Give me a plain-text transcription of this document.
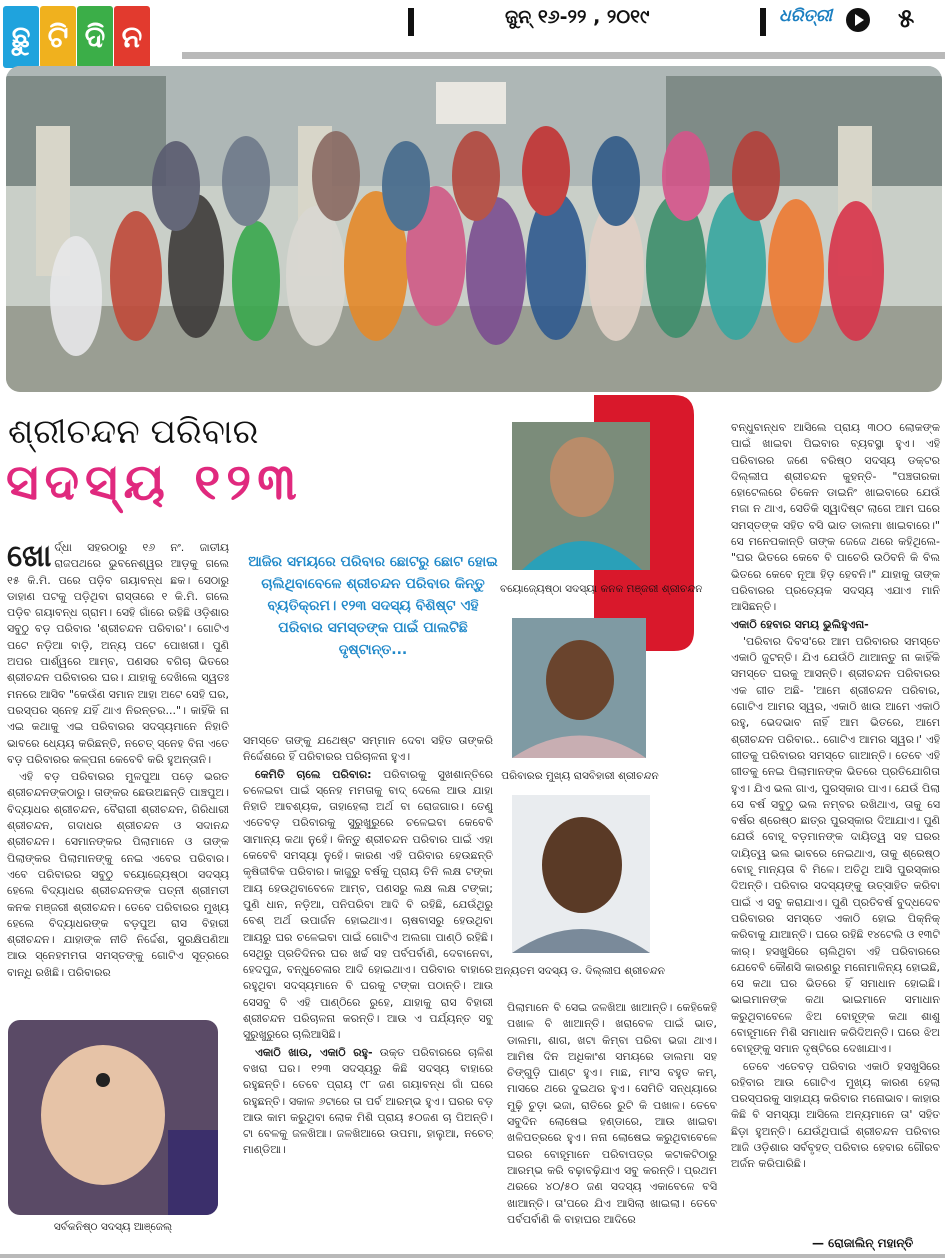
ଛୁ ଟି ଦି ନ
ଜୁନ୍ ୧୬-୨୨ , ୨୦୧୯	ଧରିତ୍ରୀ	୫
ଶ୍ରୀଚନ୍ଦନ ପରିବାର
ସଦସ୍ୟ ୧୨୩
ବୟୋଜ୍ୟେଷ୍ଠା ସଦସ୍ୟା କନକ ମଞ୍ଜରୀ ଶ୍ରୀଚନ୍ଦନ
ପରିବାରର ମୁଖ୍ୟ ରାସବିହାରୀ ଶ୍ରୀଚନ୍ଦନ
ଅନ୍ୟତମ ସଦସ୍ୟ ଡ. ଦିଲ୍ଲୀପ ଶ୍ରୀଚନ୍ଦନ
ସର୍ବକନିଷ୍ଠ ସଦସ୍ୟ ଆଞ୍ଜେଲ୍
ଆଜିର ସମୟରେ ପରିବାର ଛୋଟରୁ ଛୋଟ ହୋଇ ଚାଲିଥିବାବେଳେ ଶ୍ରୀଚନ୍ଦନ ପରିବାର କିନ୍ତୁ ବ୍ୟତିକ୍ରମ। ୧୨୩ ସଦସ୍ୟ ବିଶିଷ୍ଟ ଏହି ପରିବାର ସମସ୍ତଙ୍କ ପାଇଁ ପାଲଟିଛି ଦୃଷ୍ଟାନ୍ତ...

ଖୋର୍ଦ୍ଧା ସହରଠାରୁ ୧୬ ନଂ. ଜାତୀୟ ରାଜପଥରେ ଭୁବନେଶ୍ୱର ଆଡ଼କୁ ଗଲେ ୧୫ କି.ମି. ପରେ ପଡ଼ିବ ଗୟାବନ୍ଧ ଛକ। ସେଠାରୁ ଡାହାଣ ପଟକୁ ପଡ଼ିଥିବା ରାସ୍ତାରେ ୧ କି.ମି. ଗଲେ ପଡ଼ିବ ଗୟାବନ୍ଧ ଗ୍ରାମ। ସେହି ଗାଁରେ ରହିଛି ଓଡ଼ିଶାର ସବୁଠୁ ବଡ଼ ପରିବାର 'ଶ୍ରୀଚନ୍ଦନ ପରିବାର'। ଗୋଟିଏ ପଟେ ନଡ଼ିଆ ବାଡ଼ି, ଅନ୍ୟ ପଟେ ପୋଖରୀ। ପୁଣି ଅପର ପାର୍ଶ୍ୱରେ ଆମ୍ବ, ପଣସର ବଗିଚା ଭିତରେ ଶ୍ରୀଚନ୍ଦନ ପରିବାରର ଘର। ଯାହାକୁ ଦେଖିଲେ ସ୍ୱତଃ ମନରେ ଆସିବ "କେଉଁଣ ସମାନ ଆହା ଅଟେ ସେହି ଘର, ପରସ୍ପର ସ୍ନେହ ଯହିଁ ଥାଏ ନିରନ୍ତର..."। କାହିଁକି ନା ଏଇ କଥାକୁ ଏଇ ପରିବାରର ସଦସ୍ୟମାନେ ନିହାତି ଭାବରେ ଧ୍ୟେୟ କରିଛନ୍ତି, ନଚେତ୍ ସ୍ନେହ ବିନା ଏତେ ବଡ଼ ପରିବାରର କଳ୍ପନା କେବେବି କରି ହୁଅନ୍ତାନି।

ଏହି ବଡ଼ ପରିବାରର ମୁଳପୁଆ ପଡ଼େ ଭରତ ଶ୍ରୀଚନ୍ଦନଙ୍କଠାରୁ। ତାଙ୍କର ଛେଉଅଛନ୍ତି ପାଞ୍ଚପୁଅ। ବିଦ୍ୟାଧର ଶ୍ରୀଚନ୍ଦନ, ବୈରାଗୀ ଶ୍ରୀଚନ୍ଦନ, ଗିରିଧାରୀ ଶ୍ରୀଚନ୍ଦନ, ଗଦାଧର ଶ୍ରୀଚନ୍ଦନ ଓ ସଦାନନ୍ଦ ଶ୍ରୀଚନ୍ଦନ। ସେମାନଙ୍କର ପିଲାମାନେ ଓ ତାଙ୍କ ପିଲାଙ୍କର ପିଲାମାନଙ୍କୁ ନେଇ ଏବେର ପରିବାର। ଏବେ ପରିବାରର ସବୁଠୁ ବୟୋଜ୍ୟେଷ୍ଠା ସଦସ୍ୟ ହେଲେ ବିଦ୍ୟାଧର ଶ୍ରୀଚନ୍ଦନଙ୍କ ପତ୍ନୀ ଶ୍ରୀମତୀ କନକ ମଞ୍ଜରୀ ଶ୍ରୀଚନ୍ଦନ। ତେବେ ପରିବାରର ମୁଖ୍ୟ ହେଲେ ବିଦ୍ୟାଧରଙ୍କ ବଡ଼ପୁଅ ରାସ ବିହାରୀ ଶ୍ରୀଚନ୍ଦନ। ଯାହାଙ୍କ ନୀତି ନିର୍ଦ୍ଦେଶ, ସୁରକ୍ଷିପଣିଆ ଆଉ ସ୍ନେହମମତା ସମସ୍ତଙ୍କୁ ଗୋଟିଏ ସୂତ୍ରରେ ବାନ୍ଧି ରଖିଛି। ପରିବାରର

ସମସ୍ତେ ତାଙ୍କୁ ଯଥେଷ୍ଟ ସମ୍ମାନ ଦେବା ସହିତ ତାଙ୍କରି ନିର୍ଦ୍ଦେଶରେ ହିଁ ପରିବାରର ପରିଚାଳନା ହୁଏ।

କେମିତି ଚାଲେ ପରିବାର: ପରିବାରକୁ ସୁଖଶାନ୍ତିରେ ଚଳେଇବା ପାଇଁ ସ୍ନେହ ମମତାକୁ ବାଦ୍ ଦେଲେ ଆଉ ଯାହା ନିହାତି ଆବଶ୍ୟକ, ତାହାହେଲା ଅର୍ଥ ବା ରୋଜଗାର। ତେଣୁ ଏତେବଡ଼ ପରିବାରକୁ ସୁରୁଖୁରୁରେ ଚଳେଇବା କେବେବି ସାମାନ୍ୟ କଥା ନୁହେଁ। କିନ୍ତୁ ଶ୍ରୀଚନ୍ଦନ ପରିବାର ପାଇଁ ଏହା କେବେବି ସମସ୍ୟା ନୁହେଁ। କାରଣ ଏହି ପରିବାର ହେଉଛନ୍ତି କୃଷିଜୀବିକ ପରିବାର। କାଜୁରୁ ବର୍ଷକୁ ପ୍ରାୟ ତିନି ଲକ୍ଷ ଟଙ୍କା ଆୟ ହେଉଥିବାବେଳେ ଆମ୍ବ, ପଣସରୁ ଲକ୍ଷ ଲକ୍ଷ ଟଙ୍କା; ପୁଣି ଧାନ, ନଡ଼ିଆ, ପନିପରିବା ଆଦି ବି ରହିଛି, ଯେଉଁଥିରୁ ବେଶ୍ ଅର୍ଥ ଉପାର୍ଜନ ହୋଇଥାଏ। ଚାଷବାସରୁ ହେଉଥିବା ଆୟରୁ ଘର ଚଳେଇବା ପାଇଁ ଗୋଟିଏ ଅଲଗା ପାଣ୍ଠି ରହିଛି। ସେଥିରୁ ପ୍ରତିଦିନର ଘର ଖର୍ଚ୍ଚ ସହ ପର୍ବପର୍ବାଣି, ଦେବାନେବା, ହେଦପୁଜ, ବନ୍ଧୁଚେଳାର ଆଦି ହୋଇଥାଏ। ପରିବାର ବାହାରେ ରହୁଥିବା ସଦସ୍ୟମାନେ ବି ଘରକୁ ଟଙ୍କା ପଠାନ୍ତି। ଆଉ ସେସବୁ ବି ଏହି ପାଣ୍ଠିରେ ରୁହେ, ଯାହାକୁ ରାସ ବିହାରୀ ଶ୍ରୀଚନ୍ଦନ ପରିଚାଳନା କରନ୍ତି। ଆଉ ଏ ପର୍ଯ୍ୟନ୍ତ ସବୁ ସୁରୁଖୁରୁରେ ଚାଲିଆସିଛି।

ଏକାଠି ଖାଉ, ଏକାଠି ରହୁ- ଉକ୍ତ ପରିବାରରେ ଚାଳିଶ ବଖରା ଘର। ୧୨୩ ସଦସ୍ୟରୁ କିଛି ସଦସ୍ୟ ବାହାରେ ରହୁଛନ୍ତି। ତେବେ ପ୍ରାୟ ୯୮ ଜଣ ଗୟାବନ୍ଧ ଗାଁ ଘରେ ରହୁଛନ୍ତି। ସକାଳ ୬ଟାରେ ତା ପର୍ବ ଆରମ୍ଭ ହୁଏ। ଘରର ବଡ଼ ଆଉ କାମ କରୁଥିବା ଲୋକ ମିଶି ପ୍ରାୟ ୫୦ଜଣ ଚା ପିଅନ୍ତି। ଟା ବେଳକୁ ଜଳଖିଆ। ଜଳଖିଆରେ ଉପମା, ହାଲୁଆ, ନଚେତ୍ ମାଣ୍ଡିଆ।

ପିଲାମାନେ ବି ସେଇ ଜଳଖିଆ ଖାଆନ୍ତି। କେହିକେହି ପଖାଳ ବି ଖାଆନ୍ତି। ଖରାବେଳ ପାଇଁ ଭାତ, ଡାଲମା, ଶାଗ, ଖଟା କିମ୍ବା ପରିବା ଭଜା ଥାଏ। ଆମିଷ ଦିନ ଅଧିକାଂଶ ସମୟରେ ଡାଲମା ସହ ଚିଙ୍ଗୁଡ଼ି ଘାଣ୍ଟ ହୁଏ। ମାଛ, ମାଂସ ବହୁତ କମ୍, ମାସରେ ଥରେ ଦୁଇଥର ହୁଏ। ସେମିତି ସନ୍ଧ୍ୟାରେ ମୁଢ଼ି ଚୁଡ଼ା ଭଜା, ରାତିରେ ରୁଟି କି ପଖାଳ। ତେବେ ସବୁଦିନ ଲୋଷେଇ ହଣ୍ଡାରେ, ଆଉ ଖାଇବା ଖଳିପତ୍ରରେ ହୁଏ। ନନା ଲୋଷେଇ କରୁଥିବାବେଳେ ଘରର ବୋହୂମାନେ ପରିବାପତ୍ର କଟାକଟିଠାରୁ ଆରମ୍ଭ କରି ବଢ଼ାବଢ଼ିଯାଏ ସବୁ କରନ୍ତି। ପ୍ରଥମ ଥରରେ ୪୦/୫୦ ଜଣ ସଦସ୍ୟ ଏକାବେଳେ ବସି ଖାଆନ୍ତି। ତା'ପରେ ଯିଏ ଆସିଲା ଖାଇଲା। ତେବେ ପର୍ବପର୍ବାଣି କି ବାହାଘର ଆଦିରେ

ବନ୍ଧୁବାନ୍ଧବ ଆସିଲେ ପ୍ରାୟ ୩୦୦ ଲୋକଙ୍କ ପାଇଁ ଖାଇବା ପିଇବାର ବ୍ୟବସ୍ଥା ହୁଏ। ଏହି ପରିବାରର ଜଣେ ବରିଷ୍ଠ ସଦସ୍ୟ ଡକ୍ଟର ଦିଲ୍ଲୀପ ଶ୍ରୀଚନ୍ଦନ କୁହନ୍ତି- "ପଞ୍ଚତାରକା ହୋଟେଲରେ ଚିକେନ ଡାଇନିଂ ଖାଇବାରେ ଯେଉଁ ମଜା ନ ଥାଏ, ସେତିକି ସ୍ୱାଦିଷ୍ଟ ଲାଗେ ଆମ ଘରେ ସମସ୍ତଙ୍କ ସହିତ ବସି ଭାତ ଡାଲମା ଖାଇବାରେ।" ସେ ମନେପକାନ୍ତି ତାଙ୍କ ଜେଜେ ଥରେ କହିଥିଲେ- "ଘର ଭିତରେ କେବେ ବି ପାଚେରି ଉଠିବନି କି ବିଲ ଭିତରେ କେବେ ନୂଆ ହିଡ଼ ହେବନି।" ଯାହାକୁ ତାଙ୍କ ପରିବାରର ପ୍ରତ୍ୟେକ ସଦସ୍ୟ ଏଯାଏ ମାନି ଆସିଛନ୍ତି।

ଏକାଠି ହେବାର ସମୟ ଭୁଲିହୁଏନା-

'ପରିବାର ଦିବସ'ରେ ଆମ ପରିବାରର ସମସ୍ତେ ଏକାଠି ଜୁଟନ୍ତି। ଯିଏ ଯେଉଁଠି ଥାଆନ୍ତୁ ନା କାହିଁକି ସମସ୍ତେ ଘରକୁ ଆସନ୍ତି। ଶ୍ରୀଚନ୍ଦନ ପରିବାରର ଏକ ଗୀତ ଅଛି- 'ଆମେ ଶ୍ରୀଚନ୍ଦନ ପରିବାର, ଗୋଟିଏ ଆମର ସ୍ୱର, ଏକାଠି ଖାଉ ଆମେ ଏକାଠି ରହୁ, ଭେଦଭାବ ନାହିଁ ଆମ ଭିତରେ, ଆମେ ଶ୍ରୀଚନ୍ଦନ ପରିବାର.. ଗୋଟିଏ ଆମର ସ୍ୱର।' ଏହି ଗୀତକୁ ପରିବାରର ସମସ୍ତେ ଗାଆନ୍ତି। ତେବେ ଏହି ଗୀତକୁ ନେଇ ପିଲାମାନଙ୍କ ଭିତରେ ପ୍ରତିଯୋଗିତା ହୁଏ। ଯିଏ ଭଲ ଗାଏ, ପୁରସ୍କାର ପାଏ। ଯେଉଁ ପିଲା ସେ ବର୍ଷ ସବୁଠୁ ଭଲ ନମ୍ବର ରଖିଥାଏ, ତାକୁ ସେ ବର୍ଷର ଶ୍ରେଷ୍ଠ ଛାତ୍ର ପୁରସ୍କାର ଦିଆଯାଏ। ପୁଣି ଯେଉଁ ବୋହୂ ବଡ଼ମାନଙ୍କ ଦାୟିତ୍ୱ ସହ ଘରର ଦାୟିତ୍ୱ ଭଲ ଭାବରେ ନେଇଥାଏ, ତାକୁ ଶ୍ରେଷ୍ଠ ବୋହୂ ମାନ୍ୟତା ବି ମିଳେ। ଅତିଥି ଆସି ପୁରସ୍କାର ଦିଅନ୍ତି। ପରିବାର ସଦସ୍ୟଙ୍କୁ ଉତ୍ସାହିତ କରିବା ପାଇଁ ଏ ସବୁ କରାଯାଏ। ପୁଣି ପ୍ରତିବର୍ଷ ବୁଦ୍ଧଦେବ ପରିବାରର ସମସ୍ତେ ଏକାଠି ହୋଇ ପିକ୍ନିକ୍ କରିବାକୁ ଯାଆନ୍ତି। ଘରେ ରହିଛି ୧୪ଟେଲି ଓ ୧୩ଟି କାର୍। ହସଖୁସିରେ ଚାଲିଥିବା ଏହି ପରିବାରରେ ଯେବେବି କୌଣସି କାରଣରୁ ମନୋମାଳିନ୍ୟ ହୋଇଛି, ସେ କଥା ଘର ଭିତରେ ହିଁ ସମାଧାନ ହୋଇଛି। ଭାଇମାନଙ୍କ କଥା ଭାଇମାନେ ସମାଧାନ କରୁଥିବାବେଳେ ଝିଅ ବୋହୂଙ୍କ କଥା ଶାଶୁ ବୋହୂମାନେ ମିଶି ସମାଧାନ କରିଦିଅନ୍ତି। ଘରେ ଝିଅ ବୋହୂଙ୍କୁ ସମାନ ଦୃଷ୍ଟିରେ ଦେଖାଯାଏ।

ତେବେ ଏତେବଡ଼ ପରିବାର ଏକାଠି ହସଖୁସିରେ ରହିବାର ଆଉ ଗୋଟିଏ ମୁଖ୍ୟ କାରଣ ହେଲା ପରସ୍ପରକୁ ସାହାଯ୍ୟ କରିବାର ମନୋଭାବ। କାହାର କିଛି ବି ସମସ୍ୟା ଆସିଲେ ଅନ୍ୟମାନେ ତା' ସହିତ ଛିଡ଼ା ହୁଅନ୍ତି। ଯେଉଁଥିପାଇଁ ଶ୍ରୀଚନ୍ଦନ ପରିବାର ଆଜି ଓଡ଼ିଶାର ସର୍ବବୃହତ୍ ପରିବାର ହେବାର ଗୌରବ ଅର୍ଜନ କରିପାରିଛି।

— ରୋଜାଲିନ୍ ମହାନ୍ତି
